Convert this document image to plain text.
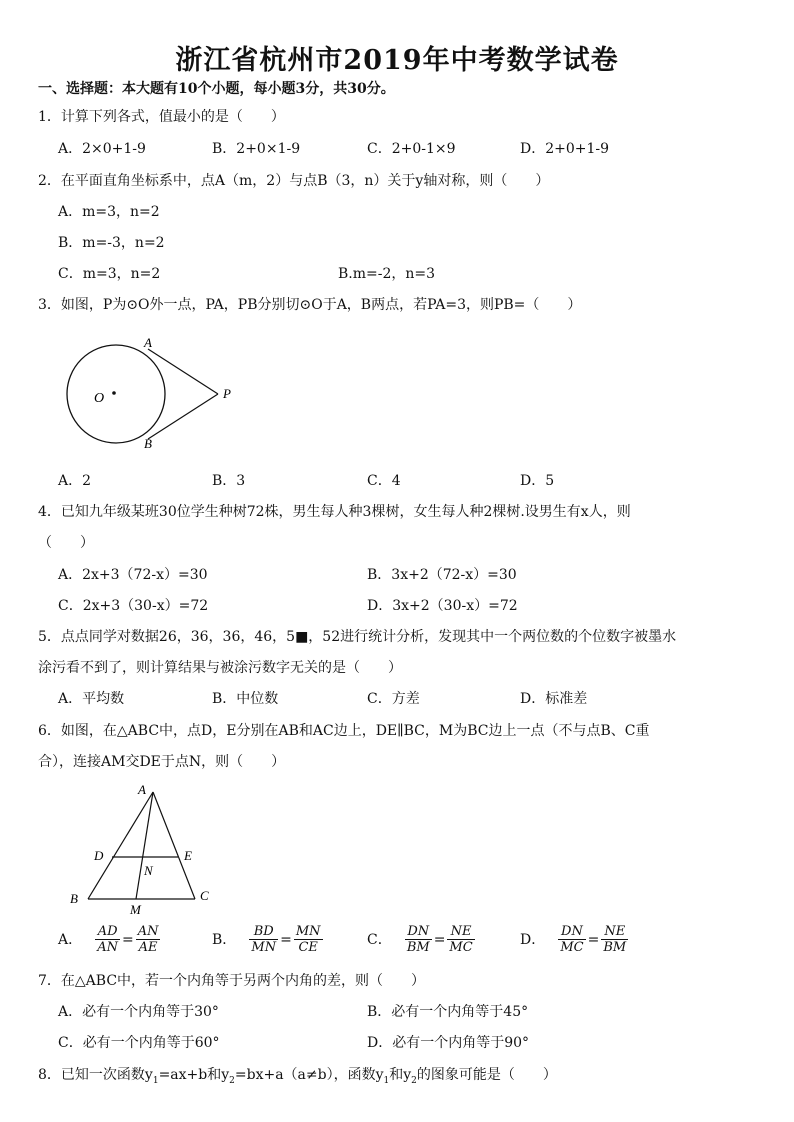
浙江省杭州市2019年中考数学试卷
一、选择题：本大题有10个小题，每小题3分，共30分。
1．计算下列各式，值最小的是（　　）
A．2×0+1-9	B．2+0×1-9	C．2+0-1×9	D．2+0+1-9
2．在平面直角坐标系中，点A（m，2）与点B（3，n）关于y轴对称，则（　　）
A．m=3，n=2
B．m=-3，n=2
C．m=3，n=2	B.m=-2，n=3
3．如图，P为⊙O外一点，PA，PB分别切⊙O于A，B两点，若PA=3，则PB=（　　）
A
B
O	P
A．2	B．3	C．4	D．5
4．已知九年级某班30位学生种树72株，男生每人种3棵树，女生每人种2棵树.设男生有x人，则
（　　）
A．2x+3（72-x）=30	B．3x+2（72-x）=30
C．2x+3（30-x）=72	D．3x+2（30-x）=72
5．点点同学对数据26，36，36，46，5■，52进行统计分析，发现其中一个两位数的个位数字被墨水
涂污看不到了，则计算结果与被涂污数字无关的是（　　）
A．平均数	B．中位数	C．方差	D．标准差
6．如图，在△ABC中，点D，E分别在AB和AC边上，DE∥BC，M为BC边上一点（不与点B、C重
合），连接AM交DE于点N，则（　　）
A
D	E
N
B	C
M
A． $\frac{AD}{AN} = \frac{AN}{AE}$	B． $\frac{BD}{MN} = \frac{MN}{CE}$	C． $\frac{DN}{BM} = \frac{NE}{MC}$	D． $\frac{DN}{MC} = \frac{NE}{BM}$
7．在△ABC中，若一个内角等于另两个内角的差，则（　　）
A．必有一个内角等于30°	B．必有一个内角等于45°
C．必有一个内角等于60°	D．必有一个内角等于90°
8．已知一次函数$y_1=ax+b$和$y_2=bx+a(a\ne b)$，函数$y_1$和$y_2$的图象可能是（　　）
